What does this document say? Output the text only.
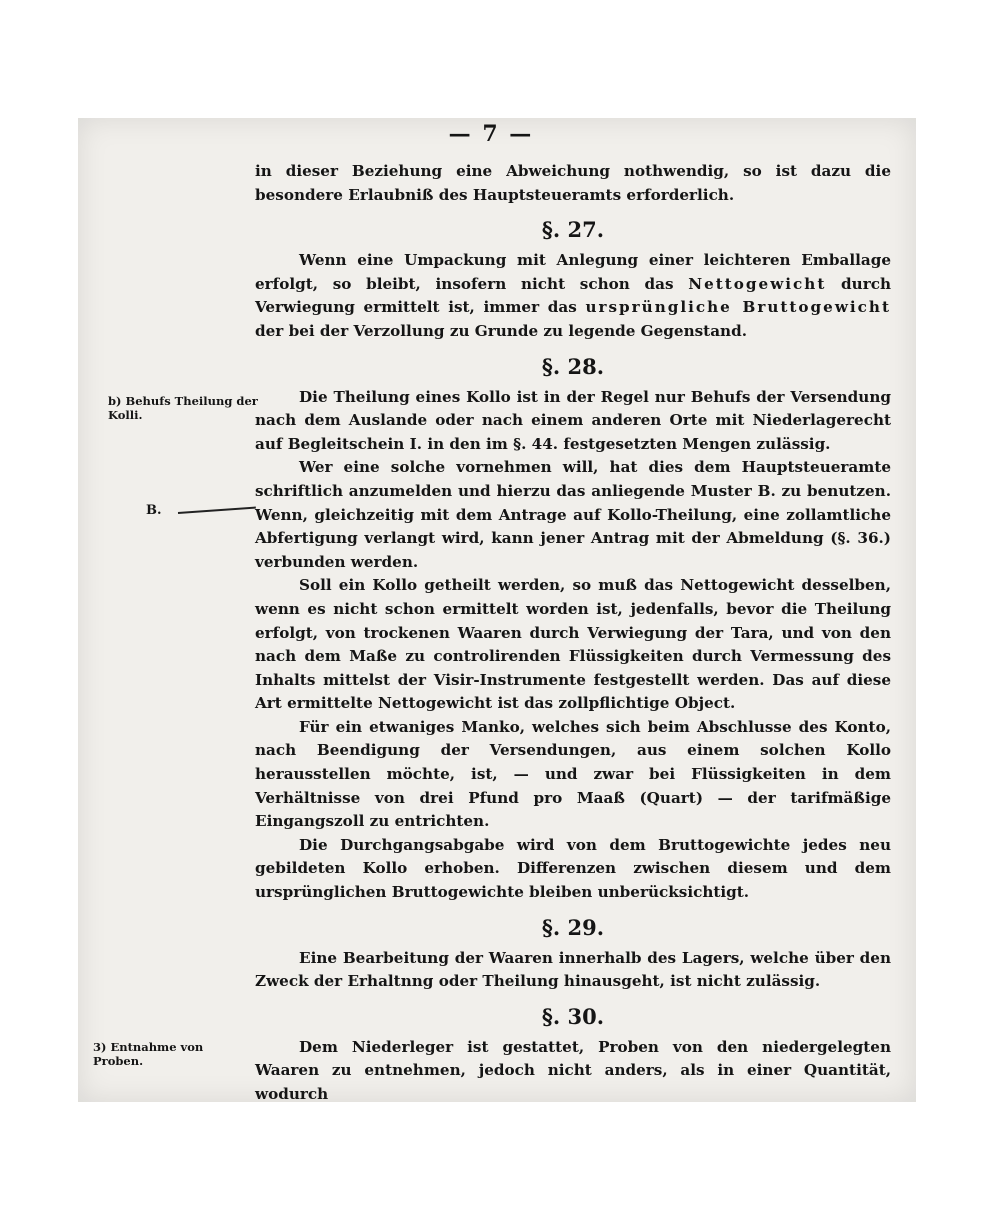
— 7 —
b) Behufs Theilung der Kolli.
B.
3) Entnahme von Proben.

in dieser Beziehung eine Abweichung nothwendig, so ist dazu die besondere Erlaubniß des Hauptsteueramts erforderlich.

§. 27.

Wenn eine Umpackung mit Anlegung einer leichteren Emballage erfolgt, so bleibt, insofern nicht schon das Nettogewicht durch Verwiegung ermittelt ist, immer das ursprüngliche Bruttogewicht der bei der Verzollung zu Grunde zu legende Gegenstand.

§. 28.

Die Theilung eines Kollo ist in der Regel nur Behufs der Versendung nach dem Auslande oder nach einem anderen Orte mit Niederlagerecht auf Begleitschein I. in den im §. 44. festgesetzten Mengen zulässig.

Wer eine solche vornehmen will, hat dies dem Hauptsteueramte schriftlich anzumelden und hierzu das anliegende Muster B. zu benutzen. Wenn, gleichzeitig mit dem Antrage auf Kollo-Theilung, eine zollamtliche Abfertigung verlangt wird, kann jener Antrag mit der Abmeldung (§. 36.) verbunden werden.

Soll ein Kollo getheilt werden, so muß das Nettogewicht desselben, wenn es nicht schon ermittelt worden ist, jedenfalls, bevor die Theilung erfolgt, von trockenen Waaren durch Verwiegung der Tara, und von den nach dem Maße zu controlirenden Flüssigkeiten durch Vermessung des Inhalts mittelst der Visir-Instrumente festgestellt werden. Das auf diese Art ermittelte Nettogewicht ist das zollpflichtige Object.

Für ein etwaniges Manko, welches sich beim Abschlusse des Konto, nach Beendigung der Versendungen, aus einem solchen Kollo herausstellen möchte, ist, — und zwar bei Flüssigkeiten in dem Verhältnisse von drei Pfund pro Maaß (Quart) — der tarifmäßige Eingangszoll zu entrichten.

Die Durchgangsabgabe wird von dem Bruttogewichte jedes neu gebildeten Kollo erhoben. Differenzen zwischen diesem und dem ursprünglichen Bruttogewichte bleiben unberücksichtigt.

§. 29.

Eine Bearbeitung der Waaren innerhalb des Lagers, welche über den Zweck der Erhaltnng oder Theilung hinausgeht, ist nicht zulässig.

§. 30.

Dem Niederleger ist gestattet, Proben von den niedergelegten Waaren zu entnehmen, jedoch nicht anders, als in einer Quantität, wodurch
